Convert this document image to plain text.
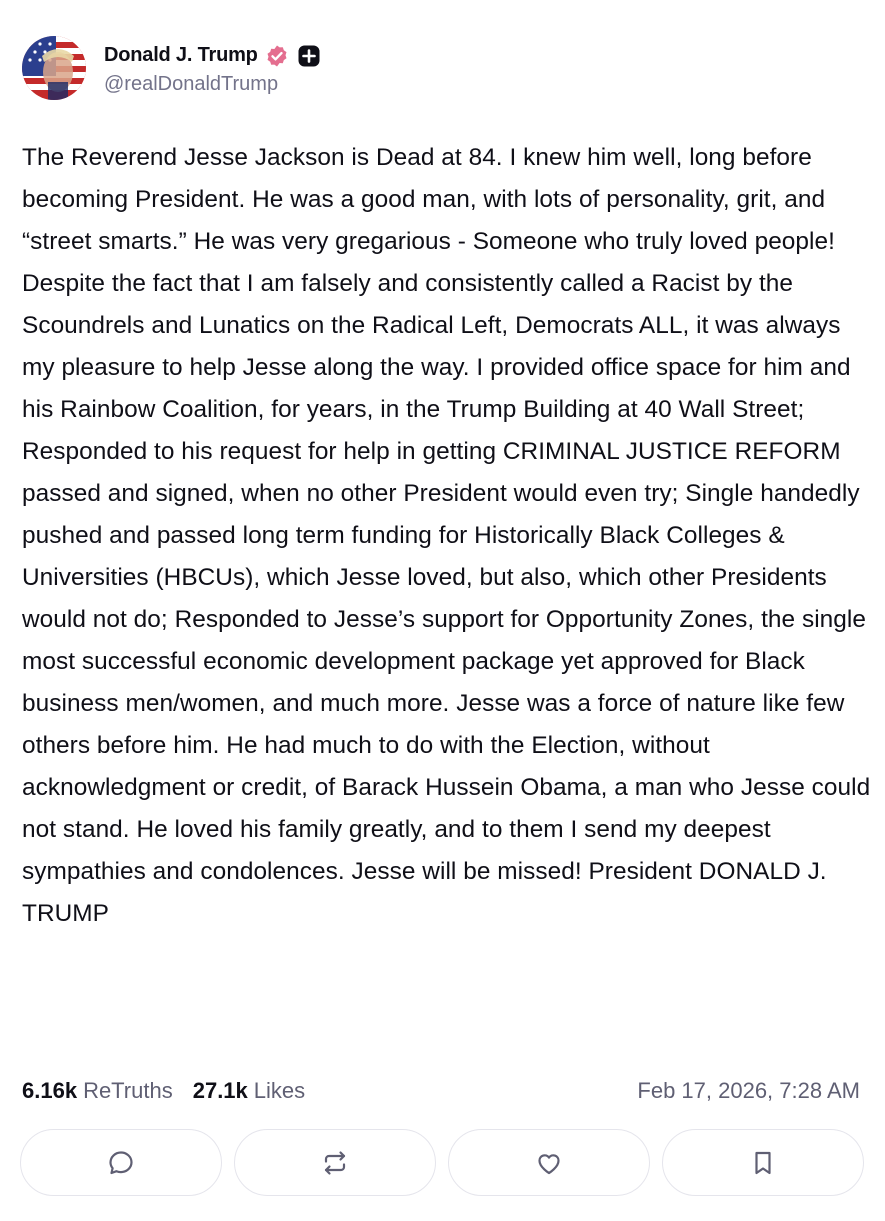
Donald J. Trump
@realDonaldTrump
The Reverend Jesse Jackson is Dead at 84. I knew him well, long before becoming President. He was a good man, with lots of personality, grit, and “street smarts.” He was very gregarious - Someone who truly loved people! Despite the fact that I am falsely and consistently called a Racist by the Scoundrels and Lunatics on the Radical Left, Democrats ALL, it was always my pleasure to help Jesse along the way. I provided office space for him and his Rainbow Coalition, for years, in the Trump Building at 40 Wall Street; Responded to his request for help in getting CRIMINAL JUSTICE REFORM passed and signed, when no other President would even try; Single handedly pushed and passed long term funding for Historically Black Colleges & Universities (HBCUs), which Jesse loved, but also, which other Presidents would not do; Responded to Jesse’s support for Opportunity Zones, the single most successful economic development package yet approved for Black business men/women, and much more. Jesse was a force of nature like few others before him. He had much to do with the Election, without acknowledgment or credit, of Barack Hussein Obama, a man who Jesse could not stand. He loved his family greatly, and to them I send my deepest sympathies and condolences. Jesse will be missed! President DONALD J. TRUMP
6.16k ReTruths 27.1k Likes	Feb 17, 2026, 7:28 AM
